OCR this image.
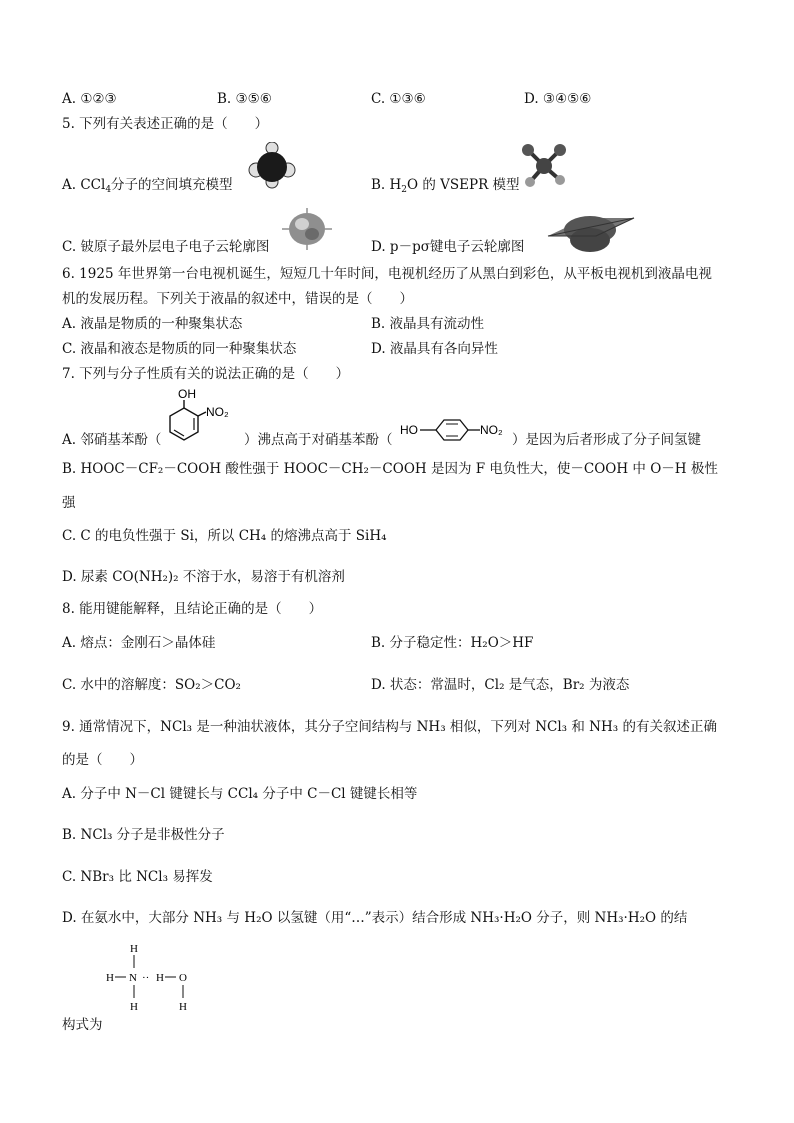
A. ①②③	B. ③⑤⑥	C. ①③⑥	D. ③④⑤⑥
5. 下列有关表述正确的是（　　）
A. CCl$_4$分子的空间填充模型	B. $H_2O$ 的 VSEPR 模型
C. 铍原子最外层电子电子云轮廓图	D. p－pσ键电子云轮廓图
6. 1925 年世界第一台电视机诞生，短短几十年时间，电视机经历了从黑白到彩色，从平板电视机到液晶电视
机的发展历程。下列关于液晶的叙述中，错误的是（　　）
A. 液晶是物质的一种聚集状态	B. 液晶具有流动性
C. 液晶和液态是物质的同一种聚集状态	D. 液晶具有各向异性
7. 下列与分子性质有关的说法正确的是（　　）
A. 邻硝基苯酚（
OH
NO₂
）沸点高于对硝基苯酚（
HO	NO₂
）是因为后者形成了分子间氢键
B. HOOC－CF₂－COOH 酸性强于 HOOC－CH₂－COOH 是因为 F 电负性大，使－COOH 中 O－H 极性
强
C. C 的电负性强于 Si，所以 CH₄ 的熔沸点高于 SiH₄
D. 尿素 CO(NH₂)₂ 不溶于水，易溶于有机溶剂
8. 能用键能解释，且结论正确的是（　　）
A. 熔点：金刚石＞晶体硅	B. 分子稳定性：H₂O＞HF
C. 水中的溶解度：SO₂＞CO₂	D. 状态：常温时，Cl₂ 是气态，Br₂ 为液态
9. 通常情况下，NCl₃ 是一种油状液体，其分子空间结构与 NH₃ 相似，下列对 NCl₃ 和 NH₃ 的有关叙述正确
的是（　　）
A. 分子中 N－Cl 键键长与 CCl₄ 分子中 C－Cl 键键长相等
B. NCl₃ 分子是非极性分子
C. NBr₃ 比 NCl₃ 易挥发
D. 在氨水中，大部分 NH₃ 与 H₂O 以氢键（用“…”表示）结合形成 NH₃·H₂O 分子，则 NH₃·H₂O 的结
H
H N ·· H O
H	H
构式为
